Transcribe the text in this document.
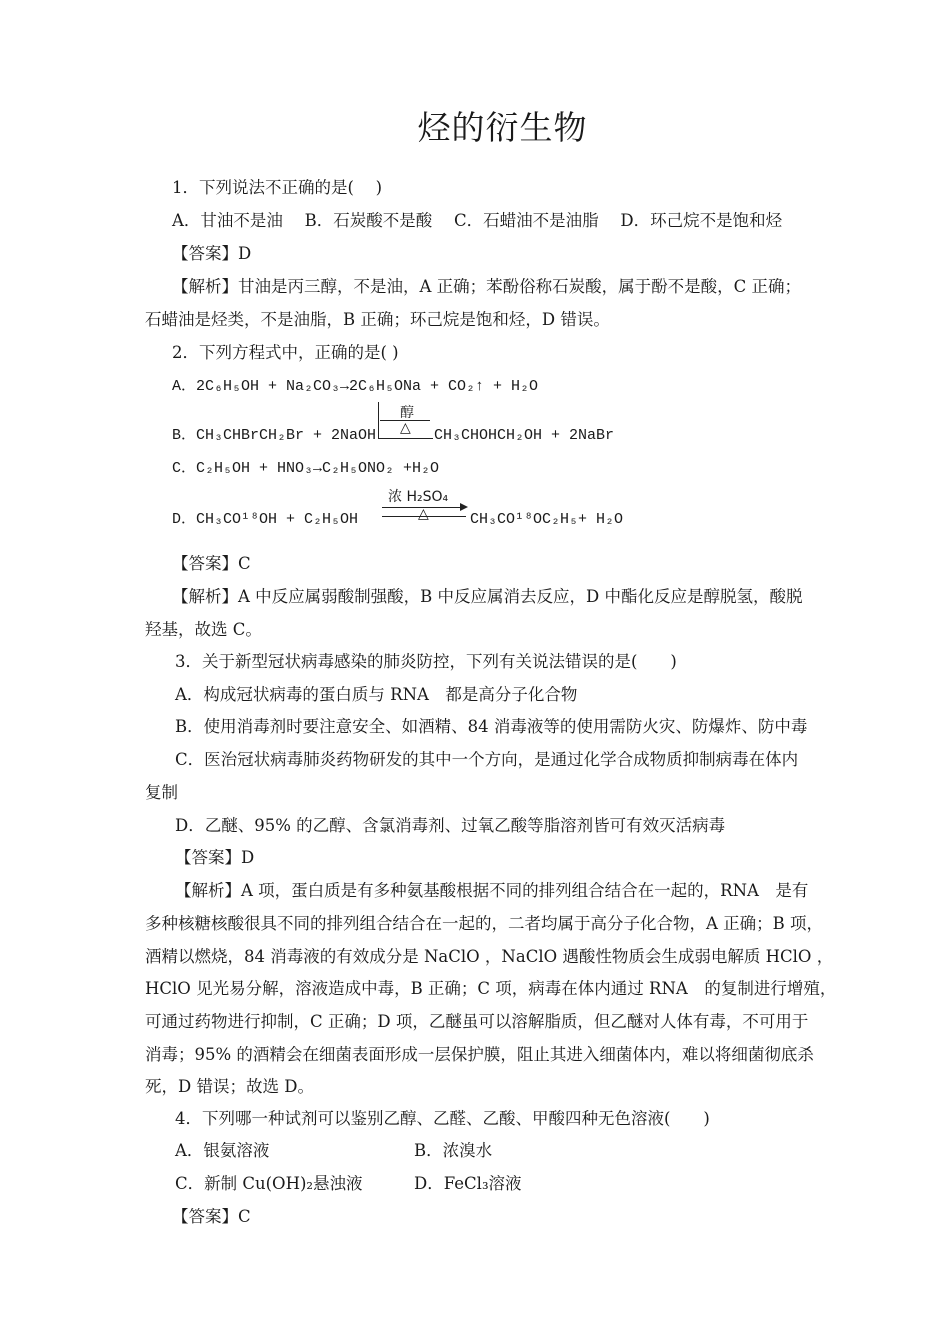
烃的衍生物
1．下列说法不正确的是(　 )
A．甘油不是油　 B．石炭酸不是酸　 C．石蜡油不是油脂　 D．环己烷不是饱和烃
【答案】D
【解析】甘油是丙三醇，不是油，A 正确；苯酚俗称石炭酸，属于酚不是酸，C 正确；
石蜡油是烃类，不是油脂，B 正确；环己烷是饱和烃，D 错误。
2．下列方程式中，正确的是( )
A．2C₆H₅OH + Na₂CO₃→2C₆H₅ONa + CO₂↑ + H₂O
B．CH₃CHBrCH₂Br + 2NaOH
醇
△ CH₃CHOHCH₂OH + 2NaBr
C．C₂H₅OH + HNO₃→C₂H₅ONO₂ +H₂O
D．CH₃CO¹⁸OH + C₂H₅OH
浓 H₂SO₄
△	CH₃CO¹⁸OC₂H₅+ H₂O
【答案】C
【解析】A 中反应属弱酸制强酸，B 中反应属消去反应，D 中酯化反应是醇脱氢，酸脱
羟基，故选 C。
3．关于新型冠状病毒感染的肺炎防控，下列有关说法错误的是(　　)
A．构成冠状病毒的蛋白质与 RNA　都是高分子化合物
B．使用消毒剂时要注意安全、如酒精、84 消毒液等的使用需防火灾、防爆炸、防中毒
C．医治冠状病毒肺炎药物研发的其中一个方向，是通过化学合成物质抑制病毒在体内
复制
D．乙醚、95% 的乙醇、含氯消毒剂、过氧乙酸等脂溶剂皆可有效灭活病毒
【答案】D
【解析】A 项，蛋白质是有多种氨基酸根据不同的排列组合结合在一起的，RNA　是有
多种核糖核酸很具不同的排列组合结合在一起的，二者均属于高分子化合物，A 正确；B 项，
酒精以燃烧，84 消毒液的有效成分是 NaClO ，NaClO 遇酸性物质会生成弱电解质 HClO ，
HClO 见光易分解，溶液造成中毒，B 正确；C 项，病毒在体内通过 RNA　的复制进行增殖，
可通过药物进行抑制，C 正确；D 项，乙醚虽可以溶解脂质，但乙醚对人体有毒，不可用于
消毒；95% 的酒精会在细菌表面形成一层保护膜，阻止其进入细菌体内，难以将细菌彻底杀
死，D 错误；故选 D。
4．下列哪一种试剂可以鉴别乙醇、乙醛、乙酸、甲酸四种无色溶液(　　)
A．银氨溶液	B．浓溴水
C．新制 Cu(OH)₂悬浊液	D．FeCl₃溶液
【答案】C
